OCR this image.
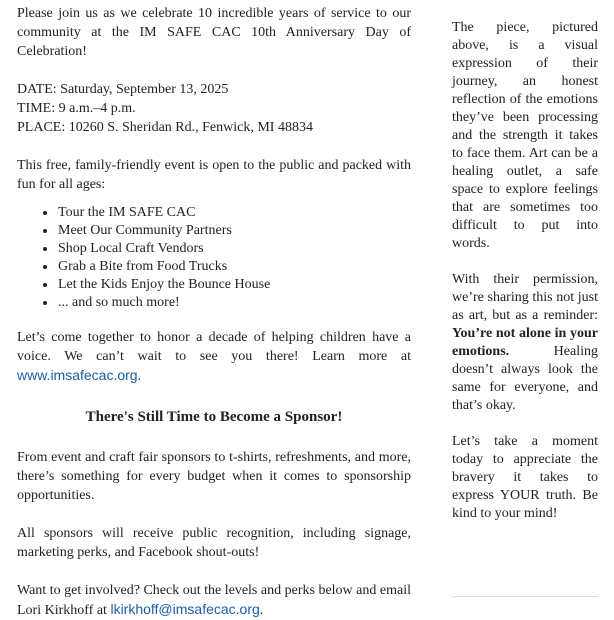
Please join us as we celebrate 10 incredible years of service to our community at the IM SAFE CAC 10th Anniversary Day of Celebration!

DATE: Saturday, September 13, 2025

TIME: 9 a.m.–4 p.m.

PLACE: 10260 S. Sheridan Rd., Fenwick, MI 48834

This free, family-friendly event is open to the public and packed with fun for all ages:

• Tour the IM SAFE CAC
• Meet Our Community Partners
• Shop Local Craft Vendors
• Grab a Bite from Food Trucks
• Let the Kids Enjoy the Bounce House
• ... and so much more!

Let’s come together to honor a decade of helping children have a voice. We can’t wait to see you there! Learn more at www.imsafecac.org.

There's Still Time to Become a Sponsor!

From event and craft fair sponsors to t-shirts, refreshments, and more, there’s something for every budget when it comes to sponsorship opportunities.

All sponsors will receive public recognition, including signage, marketing perks, and Facebook shout-outs!

Want to get involved? Check out the levels and perks below and email Lori Kirkhoff at lkirkhoff@imsafecac.org.

The piece, pictured above, is a visual expression of their journey, an honest reflection of the emotions they’ve been processing and the strength it takes to face them. Art can be a healing outlet, a safe space to explore feelings that are sometimes too difficult to put into words.

With their permission, we’re sharing this not just as art, but as a reminder: You’re not alone in your emotions.	Healing doesn’t always look the same for everyone, and that’s okay.

Let’s take a moment today to appreciate the bravery it takes to express YOUR truth. Be kind to your mind!
